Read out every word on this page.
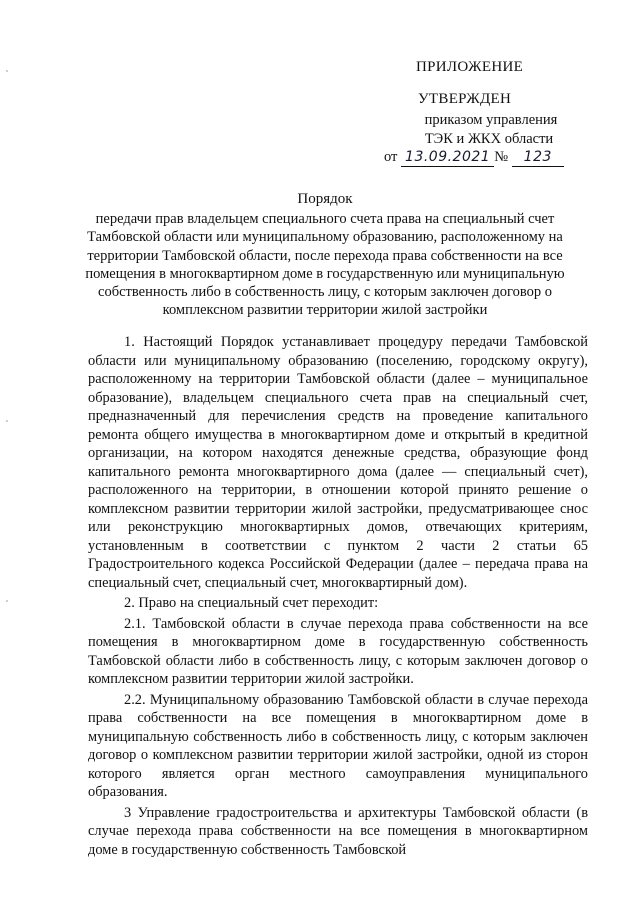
ПРИЛОЖЕНИЕ
УТВЕРЖДЕН
приказом управления
ТЭК и ЖКХ области
от 13.09.2021 № 123
Порядок
передачи прав владельцем специального счета права на специальный счет Тамбовской области или муниципальному образованию, расположенному на территории Тамбовской области, после перехода права собственности на все помещения в многоквартирном доме в государственную или муниципальную собственность либо в собственность лицу, с которым заключен договор о комплексном развитии территории жилой застройки

1. Настоящий Порядок устанавливает процедуру передачи Тамбовской области или муниципальному образованию (поселению, городскому округу), расположенному на территории Тамбовской области (далее – муниципальное образование), владельцем специального счета прав на специальный счет, предназначенный для перечисления средств на проведение капитального ремонта общего имущества в многоквартирном доме и открытый в кредитной организации, на котором находятся денежные средства, образующие фонд капитального ремонта многоквартирного дома (далее — специальный счет), расположенного на территории, в отношении которой принято решение о комплексном развитии территории жилой застройки, предусматривающее снос или реконструкцию многоквартирных домов, отвечающих критериям, установленным в соответствии с пунктом 2 части 2 статьи 65 Градостроительного кодекса Российской Федерации (далее – передача права на специальный счет, специальный счет, многоквартирный дом).

2. Право на специальный счет переходит:

2.1. Тамбовской области в случае перехода права собственности на все помещения в многоквартирном доме в государственную собственность Тамбовской области либо в собственность лицу, с которым заключен договор о комплексном развитии территории жилой застройки.

2.2. Муниципальному образованию Тамбовской области в случае перехода права собственности на все помещения в многоквартирном доме в муниципальную собственность либо в собственность лицу, с которым заключен договор о комплексном развитии территории жилой застройки, одной из сторон которого является орган местного самоуправления муниципального образования.

3 Управление градостроительства и архитектуры Тамбовской области (в случае перехода права собственности на все помещения в многоквартирном доме в государственную собственность Тамбовской
